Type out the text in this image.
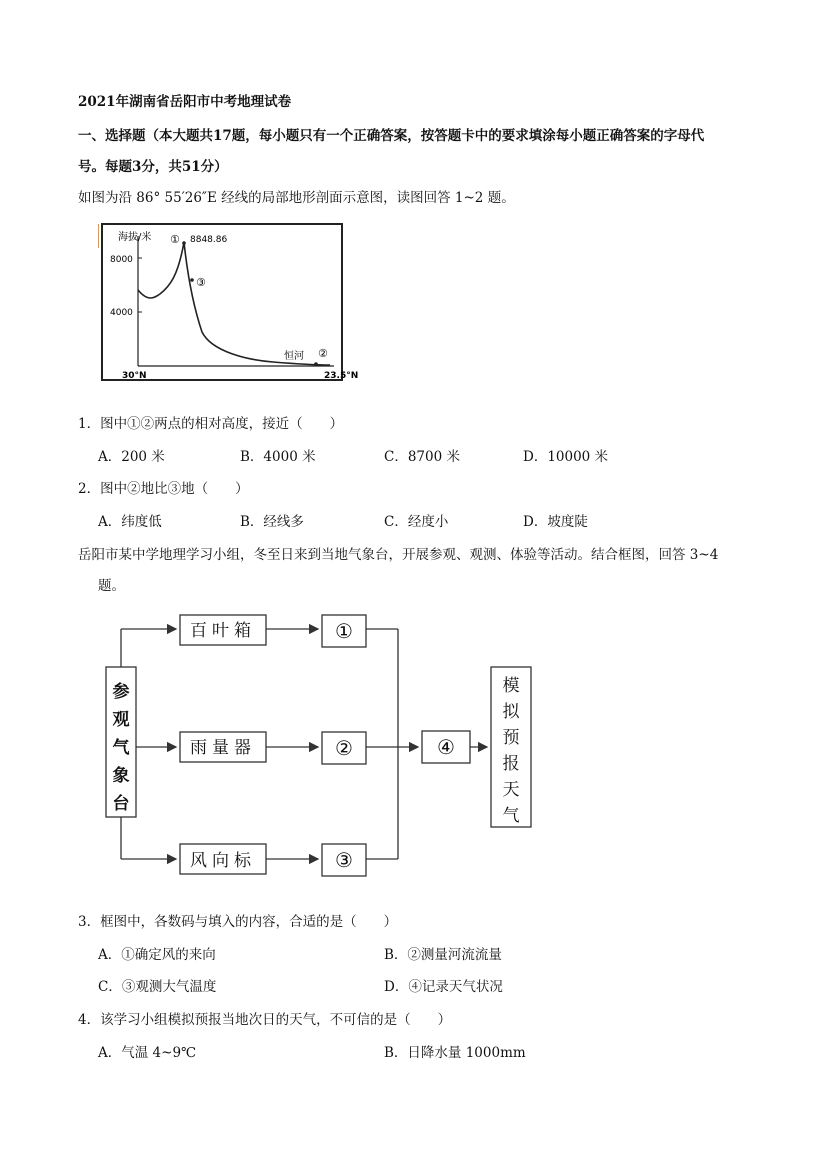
2021年湖南省岳阳市中考地理试卷
一、选择题（本大题共17题，每小题只有一个正确答案，按答题卡中的要求填涂每小题正确答案的字母代
号。每题3分，共51分）
如图为沿 86° 55′26″E 经线的局部地形剖面示意图，读图回答 1~2 题。
海拔/米
8000
4000
① 8848.86
③
恒河 ②
30°N	23.5°N
1．图中①②两点的相对高度，接近（　　）
A．200 米	B．4000 米	C．8700 米	D．10000 米
2．图中②地比③地（　　）
A．纬度低	B．经线多	C．经度小	D．坡度陡
岳阳市某中学地理学习小组，冬至日来到当地气象台，开展参观、观测、体验等活动。结合框图，回答 3~4
题。
参
观
气
象
台
百叶箱
雨量器
风向标
①
②
③
④
模
拟
预
报
天
气
3．框图中，各数码与填入的内容，合适的是（　　）
A．①确定风的来向	B．②测量河流流量
C．③观测大气温度	D．④记录天气状况
4．该学习小组模拟预报当地次日的天气，不可信的是（　　）
A．气温 4~9℃	B．日降水量 1000mm
